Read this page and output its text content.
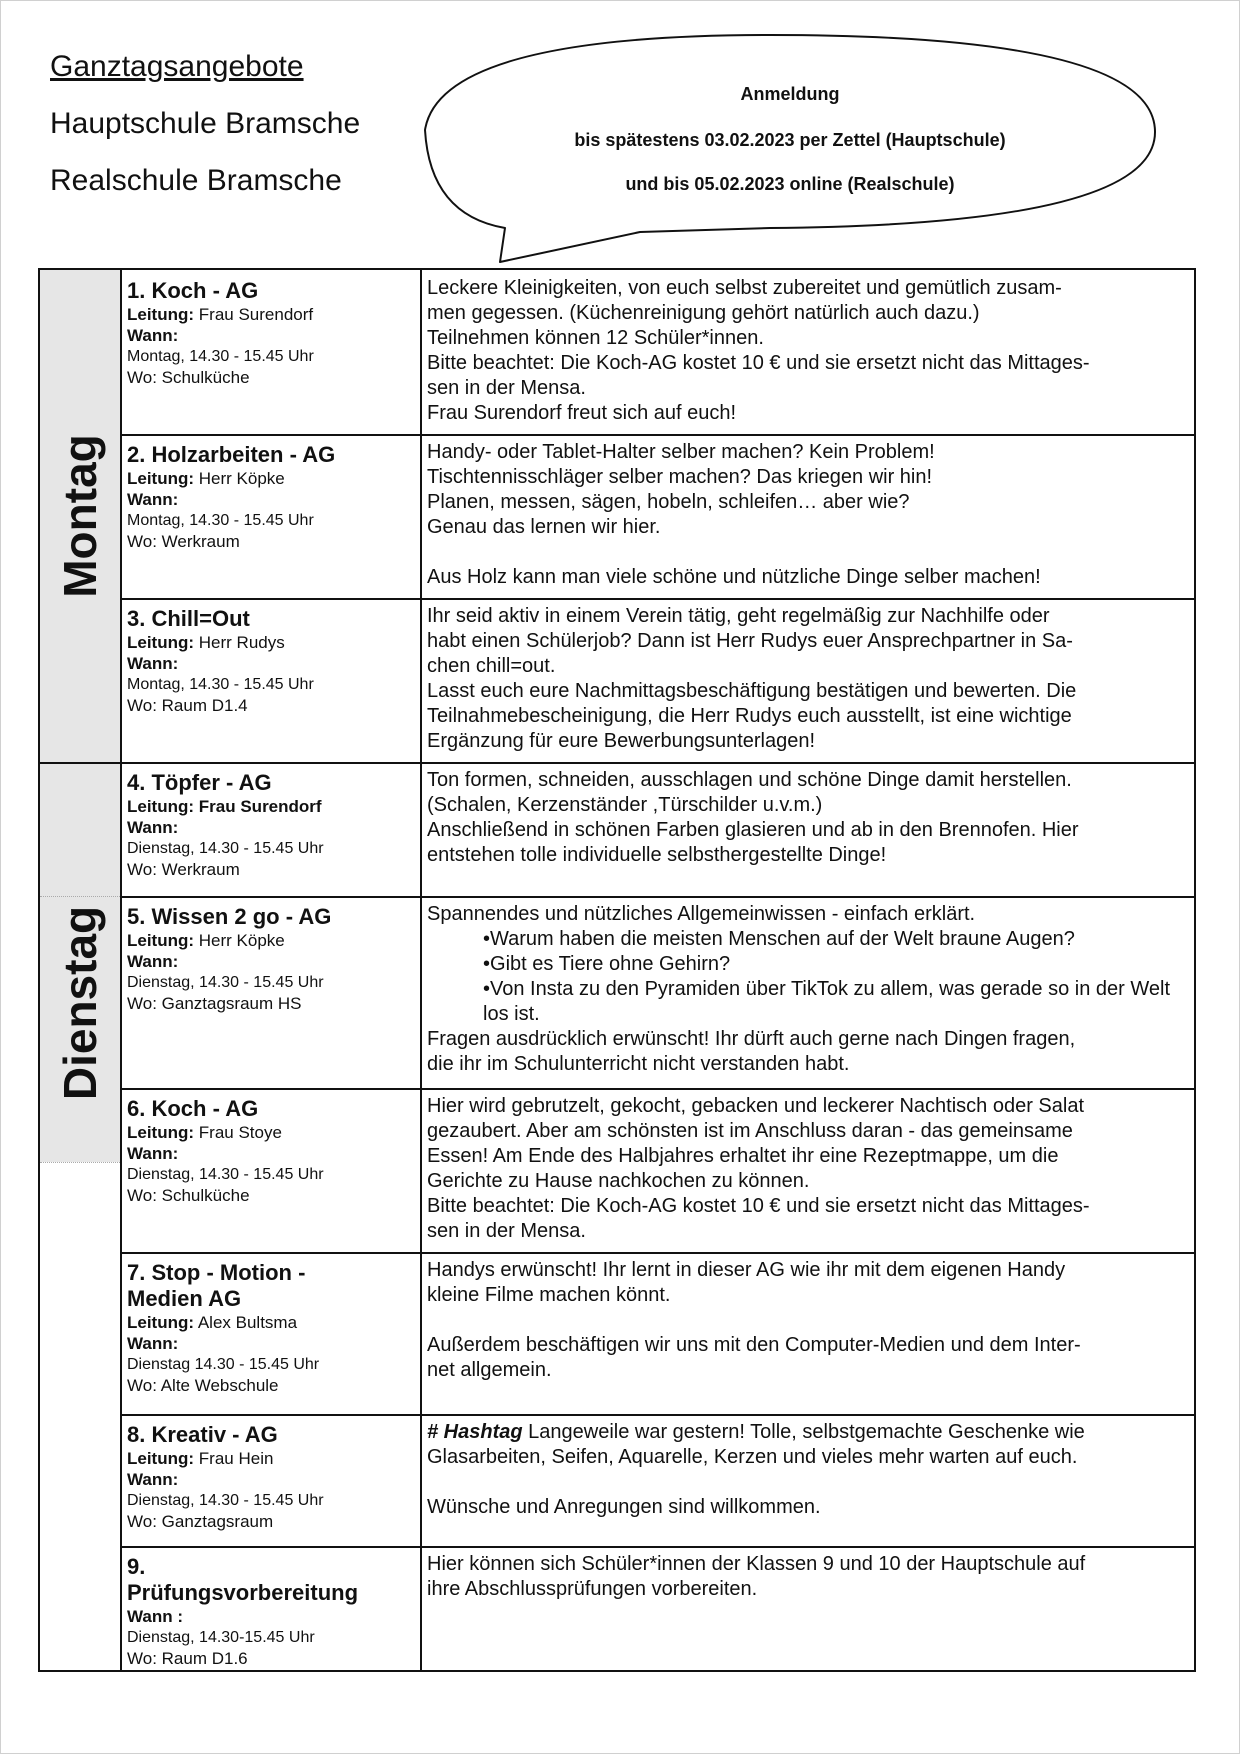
Ganztagsangebote
Hauptschule Bramsche
Realschule Bramsche
Anmeldung
bis spätestens 03.02.2023 per Zettel (Hauptschule)
und bis 05.02.2023 online (Realschule)
Montag
Dienstag
1. Koch - AG
Leitung: Frau Surendorf
Wann:
Montag, 14.30 - 15.45 Uhr
Wo: Schulküche

Leckere Kleinigkeiten, von euch selbst zubereitet und gemütlich zusam-

men gegessen. (Küchenreinigung gehört natürlich auch dazu.)

Teilnehmen können 12 Schüler*innen.

Bitte beachtet: Die Koch-AG kostet 10 € und sie ersetzt nicht das Mittages-

sen in der Mensa.

Frau Surendorf freut sich auf euch!

2. Holzarbeiten - AG
Leitung: Herr Köpke
Wann:
Montag, 14.30 - 15.45 Uhr
Wo: Werkraum

Handy- oder Tablet-Halter selber machen? Kein Problem!

Tischtennisschläger selber machen? Das kriegen wir hin!

Planen, messen, sägen, hobeln, schleifen… aber wie?

Genau das lernen wir hier.

Aus Holz kann man viele schöne und nützliche Dinge selber machen!

3. Chill=Out
Leitung: Herr Rudys
Wann:
Montag, 14.30 - 15.45 Uhr
Wo: Raum D1.4

Ihr seid aktiv in einem Verein tätig, geht regelmäßig zur Nachhilfe oder

habt einen Schülerjob? Dann ist Herr Rudys euer Ansprechpartner in Sa-

chen chill=out.

Lasst euch eure Nachmittagsbeschäftigung bestätigen und bewerten. Die

Teilnahmebescheinigung, die Herr Rudys euch ausstellt, ist eine wichtige

Ergänzung für eure Bewerbungsunterlagen!

4. Töpfer - AG
Leitung: Frau Surendorf
Wann:
Dienstag, 14.30 - 15.45 Uhr
Wo: Werkraum

Ton formen, schneiden, ausschlagen und schöne Dinge damit herstellen.

(Schalen, Kerzenständer ,Türschilder u.v.m.)

Anschließend in schönen Farben glasieren und ab in den Brennofen. Hier

entstehen tolle individuelle selbsthergestellte Dinge!

5. Wissen 2 go - AG
Leitung: Herr Köpke
Wann:
Dienstag, 14.30 - 15.45 Uhr
Wo: Ganztagsraum HS

Spannendes und nützliches Allgemeinwissen - einfach erklärt.

• Warum haben die meisten Menschen auf der Welt braune Augen?
• Gibt es Tiere ohne Gehirn?
• Von Insta zu den Pyramiden über TikTok zu allem, was gerade so in der Welt los ist.

Fragen ausdrücklich erwünscht! Ihr dürft auch gerne nach Dingen fragen,

die ihr im Schulunterricht nicht verstanden habt.

6. Koch - AG
Leitung: Frau Stoye
Wann:
Dienstag, 14.30 - 15.45 Uhr
Wo: Schulküche

Hier wird gebrutzelt, gekocht, gebacken und leckerer Nachtisch oder Salat

gezaubert. Aber am schönsten ist im Anschluss daran - das gemeinsame

Essen! Am Ende des Halbjahres erhaltet ihr eine Rezeptmappe, um die

Gerichte zu Hause nachkochen zu können.

Bitte beachtet: Die Koch-AG kostet 10 € und sie ersetzt nicht das Mittages-

sen in der Mensa.

7. Stop - Motion - Medien AG
Leitung: Alex Bultsma
Wann:
Dienstag 14.30 - 15.45 Uhr
Wo: Alte Webschule

Handys erwünscht! Ihr lernt in dieser AG wie ihr mit dem eigenen Handy

kleine Filme machen könnt.

Außerdem beschäftigen wir uns mit den Computer-Medien und dem Inter-

net allgemein.

8. Kreativ - AG
Leitung: Frau Hein
Wann:
Dienstag, 14.30 - 15.45 Uhr
Wo: Ganztagsraum

# Hashtag Langeweile war gestern! Tolle, selbstgemachte Geschenke wie

Glasarbeiten, Seifen, Aquarelle, Kerzen und vieles mehr warten auf euch.

Wünsche und Anregungen sind willkommen.

9. Prüfungsvorbereitung
Wann :
Dienstag, 14.30-15.45 Uhr
Wo: Raum D1.6

Hier können sich Schüler*innen der Klassen 9 und 10 der Hauptschule auf

ihre Abschlussprüfungen vorbereiten.
